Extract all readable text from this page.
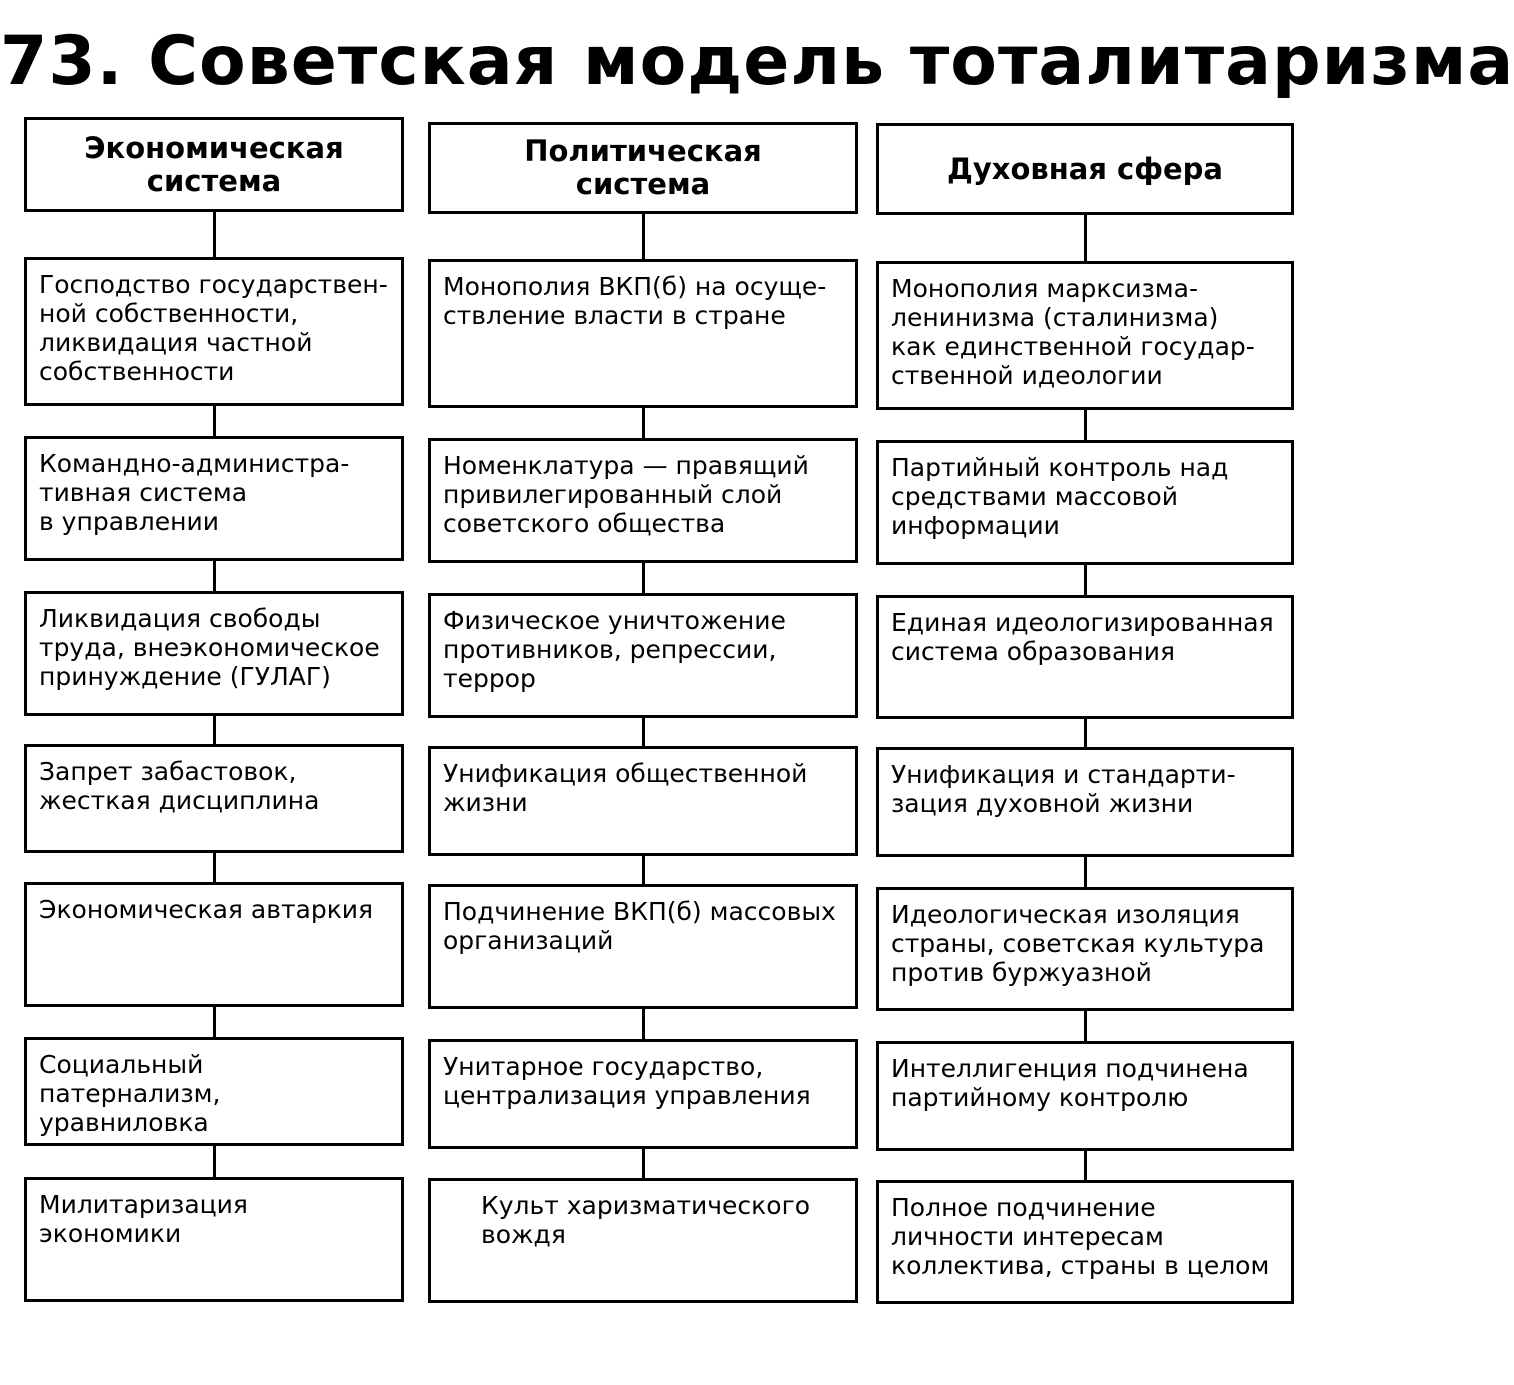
73. Советская модель тоталитаризма
Экономическая
система
Господство государствен-
ной собственности,
ликвидация частной
собственности
Командно-администра-
тивная система
в управлении
Ликвидация свободы
труда, внеэкономическое
принуждение (ГУЛАГ)
Запрет забастовок,
жесткая дисциплина
Экономическая автаркия
Социальный патернализм,
уравниловка
Милитаризация экономики
Политическая
система
Монополия ВКП(б) на осуще-
ствление власти в стране
Номенклатура — правящий
привилегированный слой
советского общества
Физическое уничтожение
противников, репрессии,
террор
Унификация общественной
жизни
Подчинение ВКП(б) массовых
организаций
Унитарное государство,
централизация управления
Культ харизматического
вождя
Духовная сфера
Монополия марксизма-
ленинизма (сталинизма)
как единственной государ-
ственной идеологии
Партийный контроль над
средствами массовой
информации
Единая идеологизированная
система образования
Унификация и стандарти-
зация духовной жизни
Идеологическая изоляция
страны, советская культура
против буржуазной
Интеллигенция подчинена
партийному контролю
Полное подчинение
личности интересам
коллектива, страны в целом
